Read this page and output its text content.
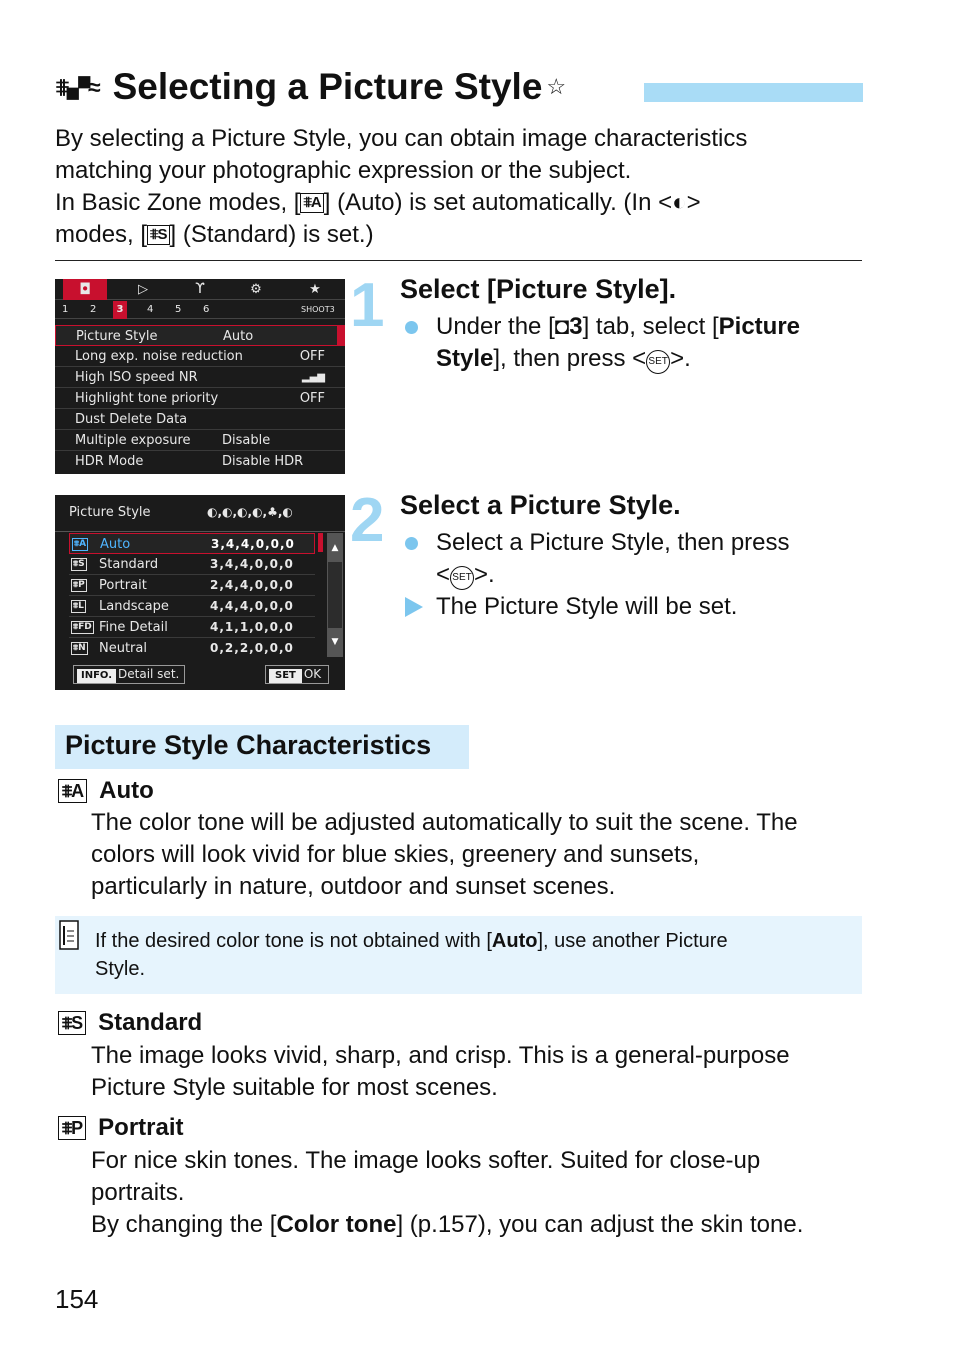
⩨▞≈ Selecting a Picture Style ☆
By selecting a Picture Style, you can obtain image characteristics
matching your photographic expression or the subject.
In Basic Zone modes, [ ⩨A ] (Auto) is set automatically. (In <◐>
modes, [ ⩨S ] (Standard) is set.)
◘	▷	ϒ	⚙	★
1 2	3	4 5 6	SHOOT3
Picture Style	Auto
Long exp. noise reduction	OFF
High ISO speed NR	▂▄▆
Highlight tone priority	OFF
Dust Delete Data
Multiple exposure Disable
HDR Mode	Disable HDR
1 Select [Picture Style].
Under the [◘3] tab, select [Picture Style], then press < SET>.
Picture Style	◐,◐,◐,◐,♣,◐
⩨A Auto	3,4,4,0,0,0
⩨S Standard	3,4,4,0,0,0
⩨P Portrait	2,4,4,0,0,0
⩨L Landscape	4,4,4,0,0,0
⩨FD Fine Detail	4,1,1,0,0,0
⩨N Neutral	0,2,2,0,0,0
▲
▼
INFO. Detail set.	SET OK
2 Select a Picture Style.
Select a Picture Style, then press
< SET>.
The Picture Style will be set.
Picture Style Characteristics
⩨A Auto
The color tone will be adjusted automatically to suit the scene. The
colors will look vivid for blue skies, greenery and sunsets,
particularly in nature, outdoor and sunset scenes.
If the desired color tone is not obtained with [Auto], use another Picture
Style.
⩨S Standard
The image looks vivid, sharp, and crisp. This is a general-purpose
Picture Style suitable for most scenes.
⩨P Portrait
For nice skin tones. The image looks softer. Suited for close-up
portraits.
By changing the [Color tone] (p.157), you can adjust the skin tone.
154
